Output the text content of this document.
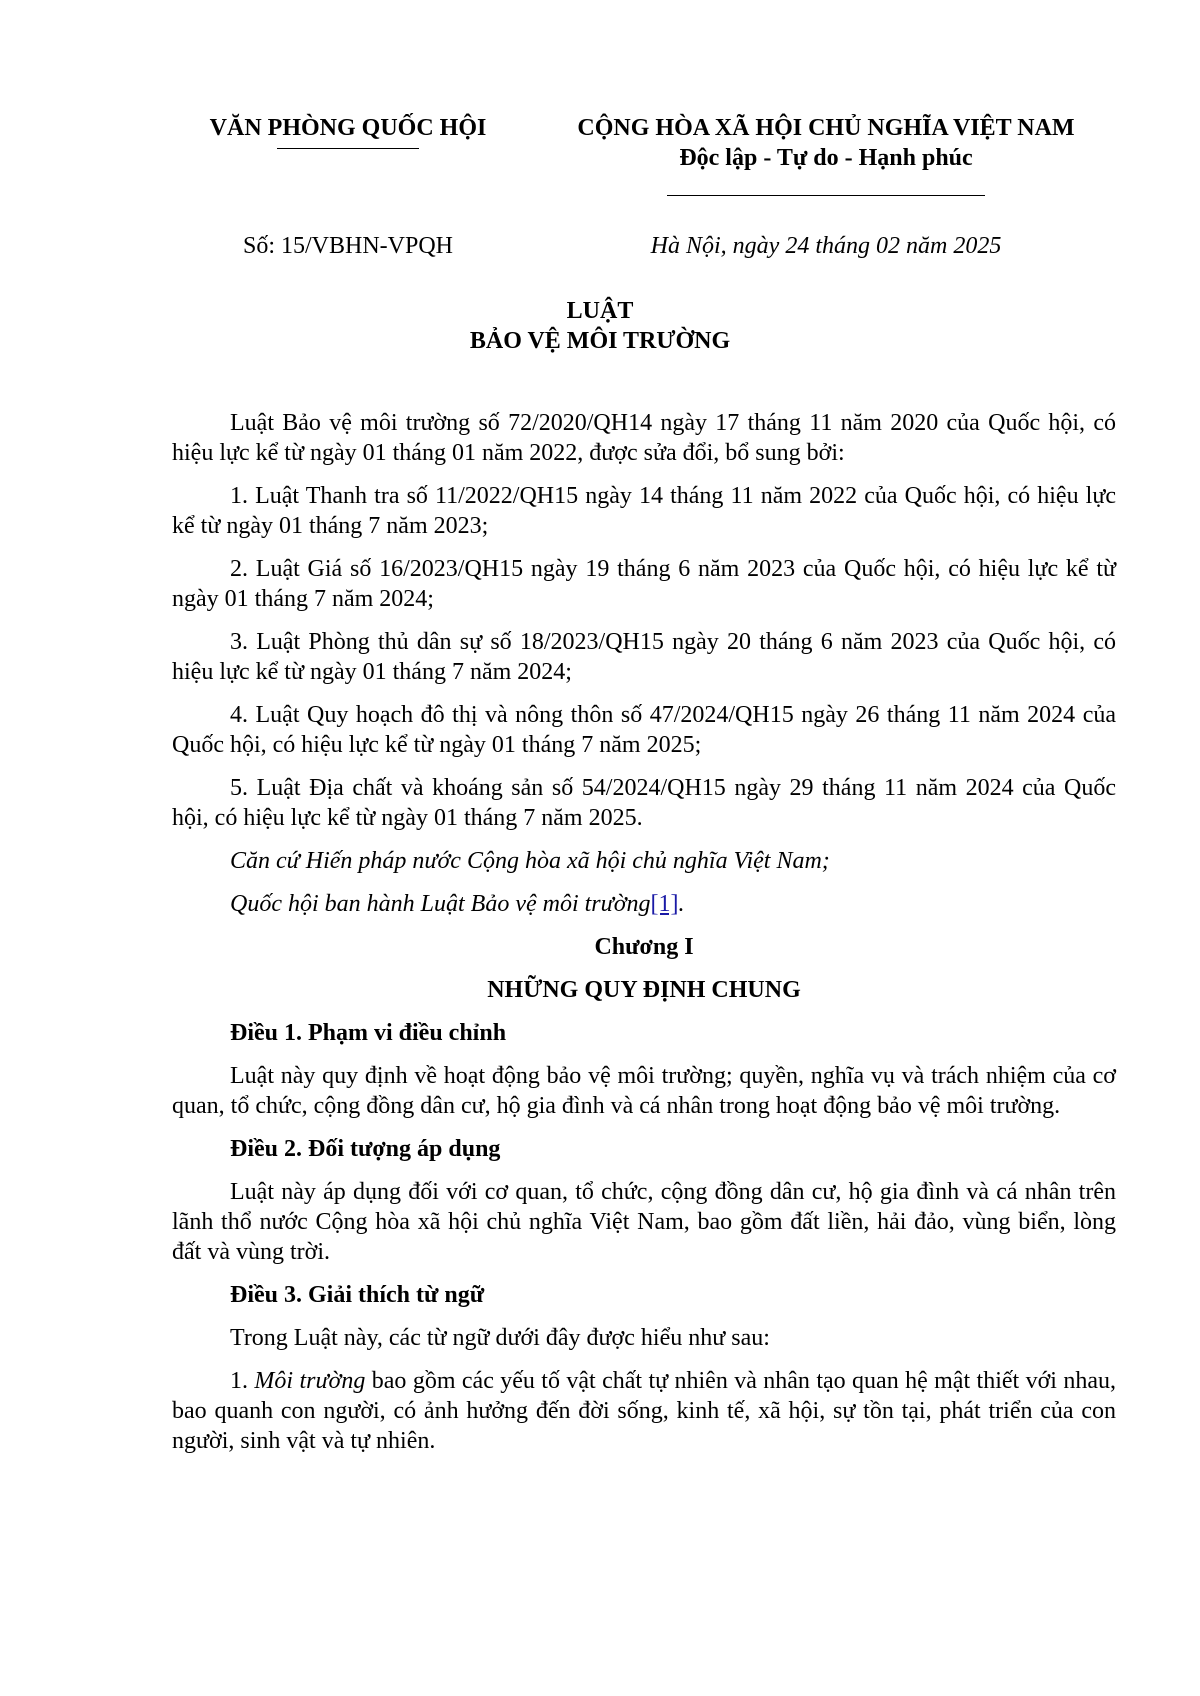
VĂN PHÒNG QUỐC HỘI	CỘNG HÒA XÃ HỘI CHỦ NGHĨA VIỆT NAM
Độc lập - Tự do - Hạnh phúc
Số: 15/VBHN-VPQH	Hà Nội, ngày 24 tháng 02 năm 2025
LUẬT
BẢO VỆ MÔI TRƯỜNG

Luật Bảo vệ môi trường số 72/2020/QH14 ngày 17 tháng 11 năm 2020 của Quốc hội, có hiệu lực kể từ ngày 01 tháng 01 năm 2022, được sửa đổi, bổ sung bởi:

1. Luật Thanh tra số 11/2022/QH15 ngày 14 tháng 11 năm 2022 của Quốc hội, có hiệu lực kể từ ngày 01 tháng 7 năm 2023;

2. Luật Giá số 16/2023/QH15 ngày 19 tháng 6 năm 2023 của Quốc hội, có hiệu lực kể từ ngày 01 tháng 7 năm 2024;

3. Luật Phòng thủ dân sự số 18/2023/QH15 ngày 20 tháng 6 năm 2023 của Quốc hội, có hiệu lực kể từ ngày 01 tháng 7 năm 2024;

4. Luật Quy hoạch đô thị và nông thôn số 47/2024/QH15 ngày 26 tháng 11 năm 2024 của Quốc hội, có hiệu lực kể từ ngày 01 tháng 7 năm 2025;

5. Luật Địa chất và khoáng sản số 54/2024/QH15 ngày 29 tháng 11 năm 2024 của Quốc hội, có hiệu lực kể từ ngày 01 tháng 7 năm 2025.

Căn cứ Hiến pháp nước Cộng hòa xã hội chủ nghĩa Việt Nam;

Quốc hội ban hành Luật Bảo vệ môi trường[1].

Chương I
NHỮNG QUY ĐỊNH CHUNG
Điều 1. Phạm vi điều chỉnh

Luật này quy định về hoạt động bảo vệ môi trường; quyền, nghĩa vụ và trách nhiệm của cơ quan, tổ chức, cộng đồng dân cư, hộ gia đình và cá nhân trong hoạt động bảo vệ môi trường.

Điều 2. Đối tượng áp dụng

Luật này áp dụng đối với cơ quan, tổ chức, cộng đồng dân cư, hộ gia đình và cá nhân trên lãnh thổ nước Cộng hòa xã hội chủ nghĩa Việt Nam, bao gồm đất liền, hải đảo, vùng biển, lòng đất và vùng trời.

Điều 3. Giải thích từ ngữ

Trong Luật này, các từ ngữ dưới đây được hiểu như sau:

1. Môi trường bao gồm các yếu tố vật chất tự nhiên và nhân tạo quan hệ mật thiết với nhau, bao quanh con người, có ảnh hưởng đến đời sống, kinh tế, xã hội, sự tồn tại, phát triển của con người, sinh vật và tự nhiên.
